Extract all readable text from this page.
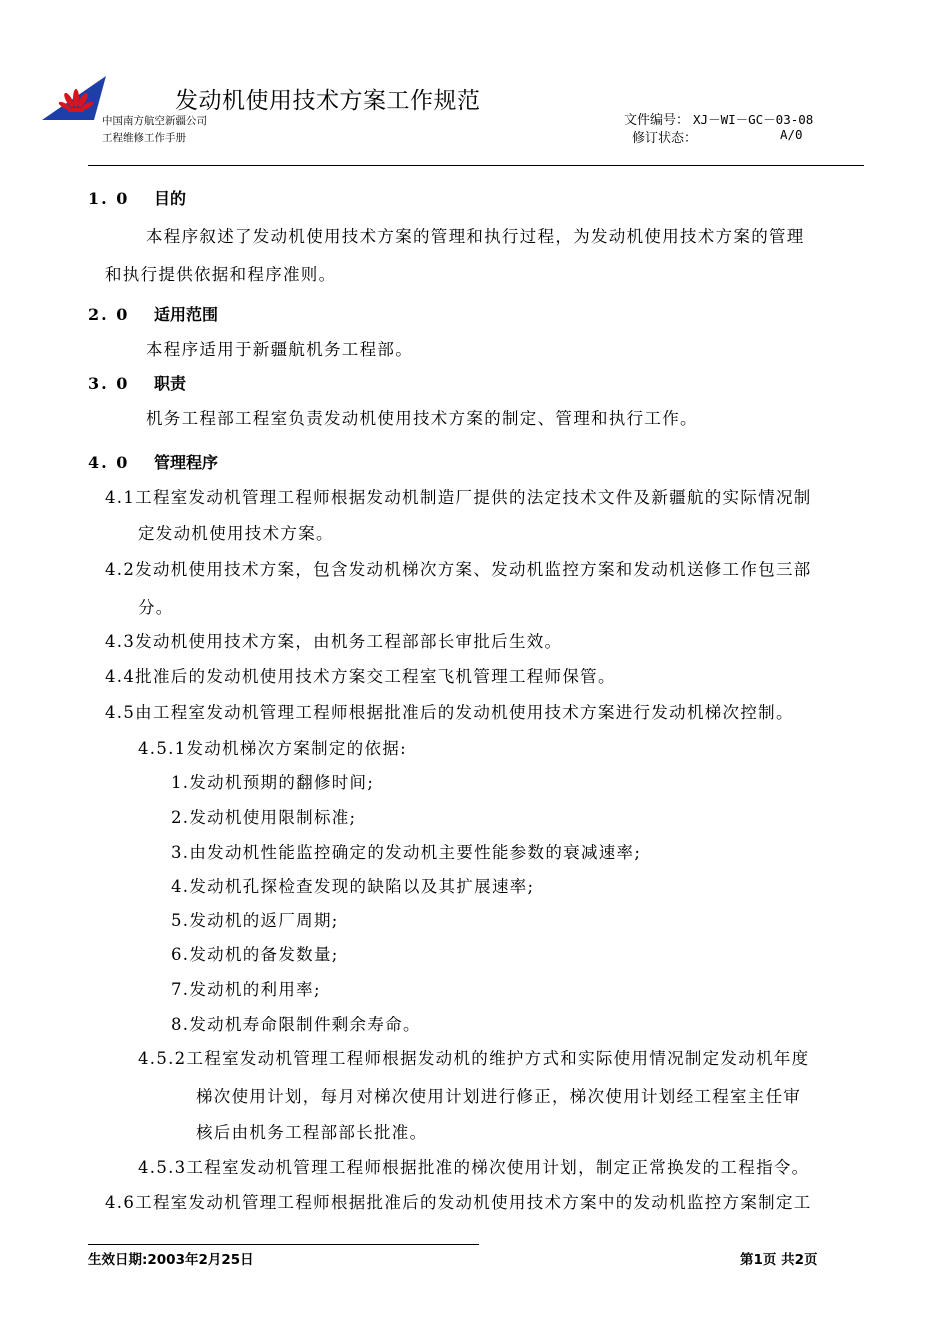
发动机使用技术方案工作规范
中国南方航空新疆公司
工程维修工作手册
文件编号： XJ－WI－GC－03-08
修订状态：	A/0
1. 0 目的
本程序叙述了发动机使用技术方案的管理和执行过程，为发动机使用技术方案的管理
和执行提供依据和程序准则。
2. 0 适用范围
本程序适用于新疆航机务工程部。
3. 0 职责
机务工程部工程室负责发动机使用技术方案的制定、管理和执行工作。
4. 0 管理程序
4.1工程室发动机管理工程师根据发动机制造厂提供的法定技术文件及新疆航的实际情况制
定发动机使用技术方案。
4.2发动机使用技术方案，包含发动机梯次方案、发动机监控方案和发动机送修工作包三部
分。
4.3发动机使用技术方案，由机务工程部部长审批后生效。
4.4批准后的发动机使用技术方案交工程室飞机管理工程师保管。
4.5由工程室发动机管理工程师根据批准后的发动机使用技术方案进行发动机梯次控制。
4.5.1发动机梯次方案制定的依据:
1.发动机预期的翻修时间;
2.发动机使用限制标准;
3.由发动机性能监控确定的发动机主要性能参数的衰减速率;
4.发动机孔探检查发现的缺陷以及其扩展速率;
5.发动机的返厂周期;
6.发动机的备发数量;
7.发动机的利用率;
8.发动机寿命限制件剩余寿命。
4.5.2工程室发动机管理工程师根据发动机的维护方式和实际使用情况制定发动机年度
梯次使用计划，每月对梯次使用计划进行修正，梯次使用计划经工程室主任审
核后由机务工程部部长批准。
4.5.3工程室发动机管理工程师根据批准的梯次使用计划，制定正常换发的工程指令。
4.6工程室发动机管理工程师根据批准后的发动机使用技术方案中的发动机监控方案制定工
生效日期:2003年2月25日	第1页 共2页
